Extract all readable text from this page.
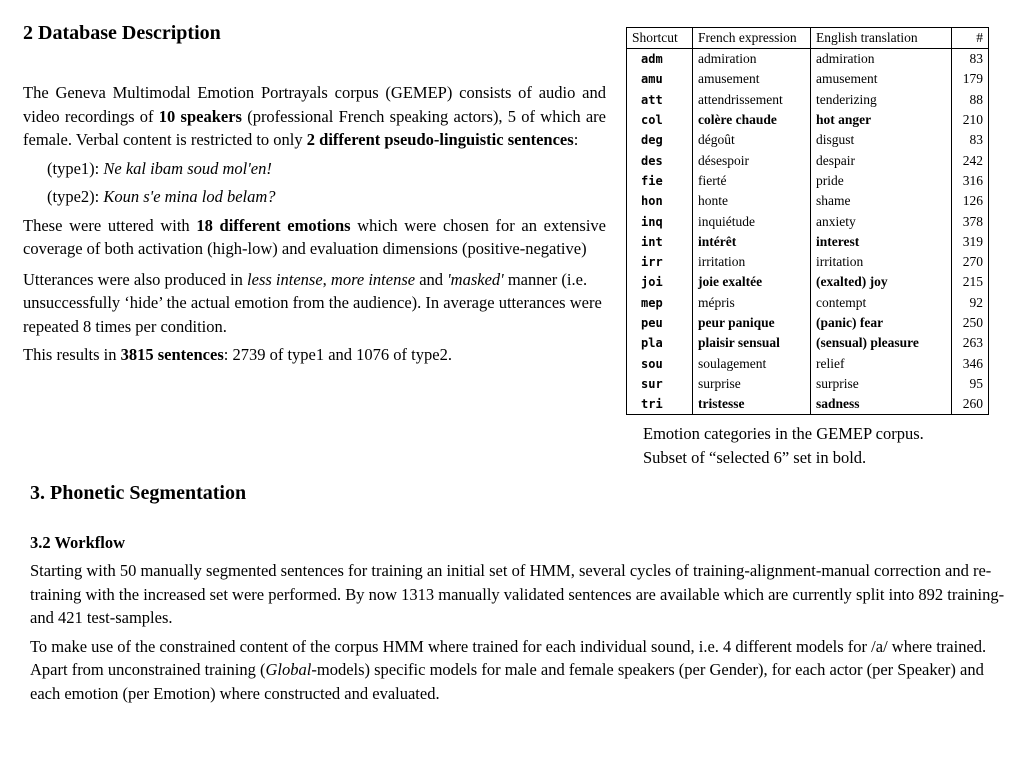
2 Database Description

The Geneva Multimodal Emotion Portrayals corpus (GEMEP) consists of audio and video recordings of 10 speakers (professional French speaking actors), 5 of which are female. Verbal content is restricted to only 2 different pseudo-linguistic sentences:

(type1): Ne kal ibam soud mol'en!

(type2): Koun s'e mina lod belam?

These were uttered with 18 different emotions which were chosen for an extensive coverage of both activation (high-low) and evaluation dimensions (positive-negative)

Utterances were also produced in less intense, more intense and 'masked' manner (i.e. unsuccessfully ‘hide’ the actual emotion from the audience). In average utterances were repeated 8 times per condition.

This results in 3815 sentences: 2739 of type1 and 1076 of type2.

Shortcut	French expression	English translation	#
adm	admiration	admiration	83
amu	amusement	amusement	179
att	attendrissement	tenderizing	88
col	colère chaude	hot anger	210
deg	dégoût	disgust	83
des	désespoir	despair	242
fie	fierté	pride	316
hon	honte	shame	126
inq	inquiétude	anxiety	378
int	intérêt	interest	319
irr	irritation	irritation	270
joi	joie exaltée	(exalted) joy	215
mep	mépris	contempt	92
peu	peur panique	(panic) fear	250
pla	plaisir sensual	(sensual) pleasure	263
sou	soulagement	relief	346
sur	surprise	surprise	95
tri	tristesse	sadness	260
Emotion categories in the GEMEP corpus.
Subset of “selected 6” set in bold.
3. Phonetic Segmentation
3.2 Workflow

Starting with 50 manually segmented sentences for training an initial set of HMM, several cycles of training-alignment-manual correction and re-training with the increased set were performed. By now 1313 manually validated sentences are available which are currently split into 892 training- and 421 test-samples.

To make use of the constrained content of the corpus HMM where trained for each individual sound, i.e. 4 different models for /a/ where trained. Apart from unconstrained training (Global-models) specific models for male and female speakers (per Gender), for each actor (per Speaker) and each emotion (per Emotion) where constructed and evaluated.
